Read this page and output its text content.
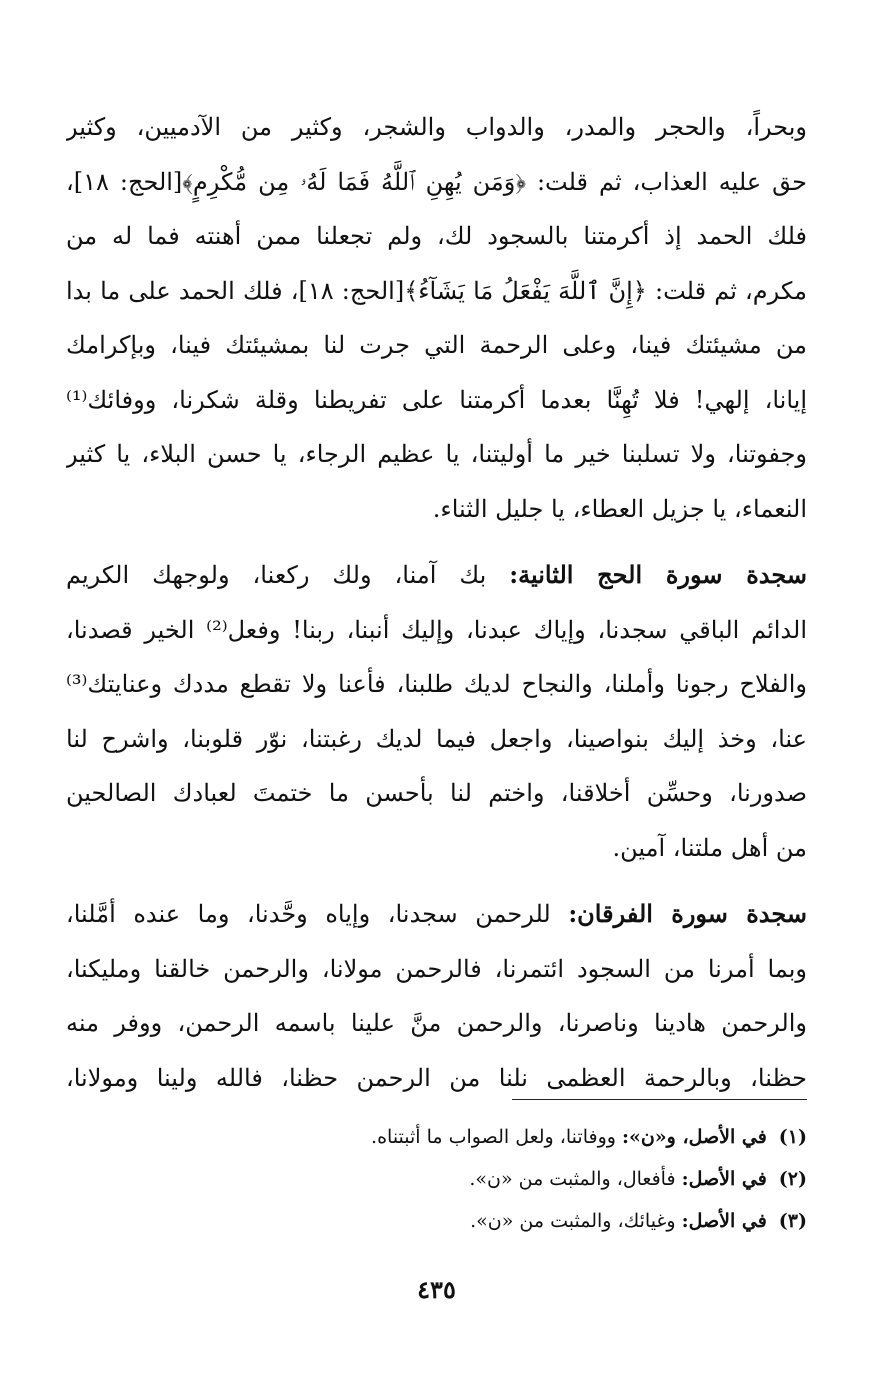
وبحراً، والحجر والمدر، والدواب والشجر، وكثير من الآدميين، وكثير
حق عليه العذاب، ثم قلت: ﴿وَمَن يُهِنِ ٱللَّهُ فَمَا لَهُۥ مِن مُّكْرِمٍ﴾[الحج: ١٨]،
فلك الحمد إذ أكرمتنا بالسجود لك، ولم تجعلنا ممن أهنته فما له من
مكرم، ثم قلت: ﴿إِنَّ ٱللَّهَ يَفْعَلُ مَا يَشَآءُ﴾[الحج: ١٨]، فلك الحمد على ما بدا
من مشيئتك فينا، وعلى الرحمة التي جرت لنا بمشيئتك فينا، وبإكرامك
إيانا، إلهي! فلا تُهِنَّا بعدما أكرمتنا على تفريطنا وقلة شكرنا، ووفائك⁽¹⁾
وجفوتنا، ولا تسلبنا خير ما أوليتنا، يا عظيم الرجاء، يا حسن البلاء، يا كثير
النعماء، يا جزيل العطاء، يا جليل الثناء.
سجدة سورة الحج الثانية: بك آمنا، ولك ركعنا، ولوجهك الكريم
الدائم الباقي سجدنا، وإياك عبدنا، وإليك أنبنا، ربنا! وفعل⁽²⁾ الخير قصدنا،
والفلاح رجونا وأملنا، والنجاح لديك طلبنا، فأعنا ولا تقطع مددك وعنايتك⁽³⁾
عنا، وخذ إليك بنواصينا، واجعل فيما لديك رغبتنا، نوّر قلوبنا، واشرح لنا
صدورنا، وحسِّن أخلاقنا، واختم لنا بأحسن ما ختمتَ لعبادك الصالحين
من أهل ملتنا، آمين.
سجدة سورة الفرقان: للرحمن سجدنا، وإياه وحَّدنا، وما عنده أمَّلنا،
وبما أمرنا من السجود ائتمرنا، فالرحمن مولانا، والرحمن خالقنا ومليكنا،
والرحمن هادينا وناصرنا، والرحمن منَّ علينا باسمه الرحمن، ووفر منه
حظنا، وبالرحمة العظمى نلنا من الرحمن حظنا، فالله ولينا ومولانا،
(١)في الأصل، و«ن»: ووفاتنا، ولعل الصواب ما أثبتناه.
(٢)في الأصل: فأفعال، والمثبت من «ن».
(٣)في الأصل: وغيائك، والمثبت من «ن».
٤٣٥
